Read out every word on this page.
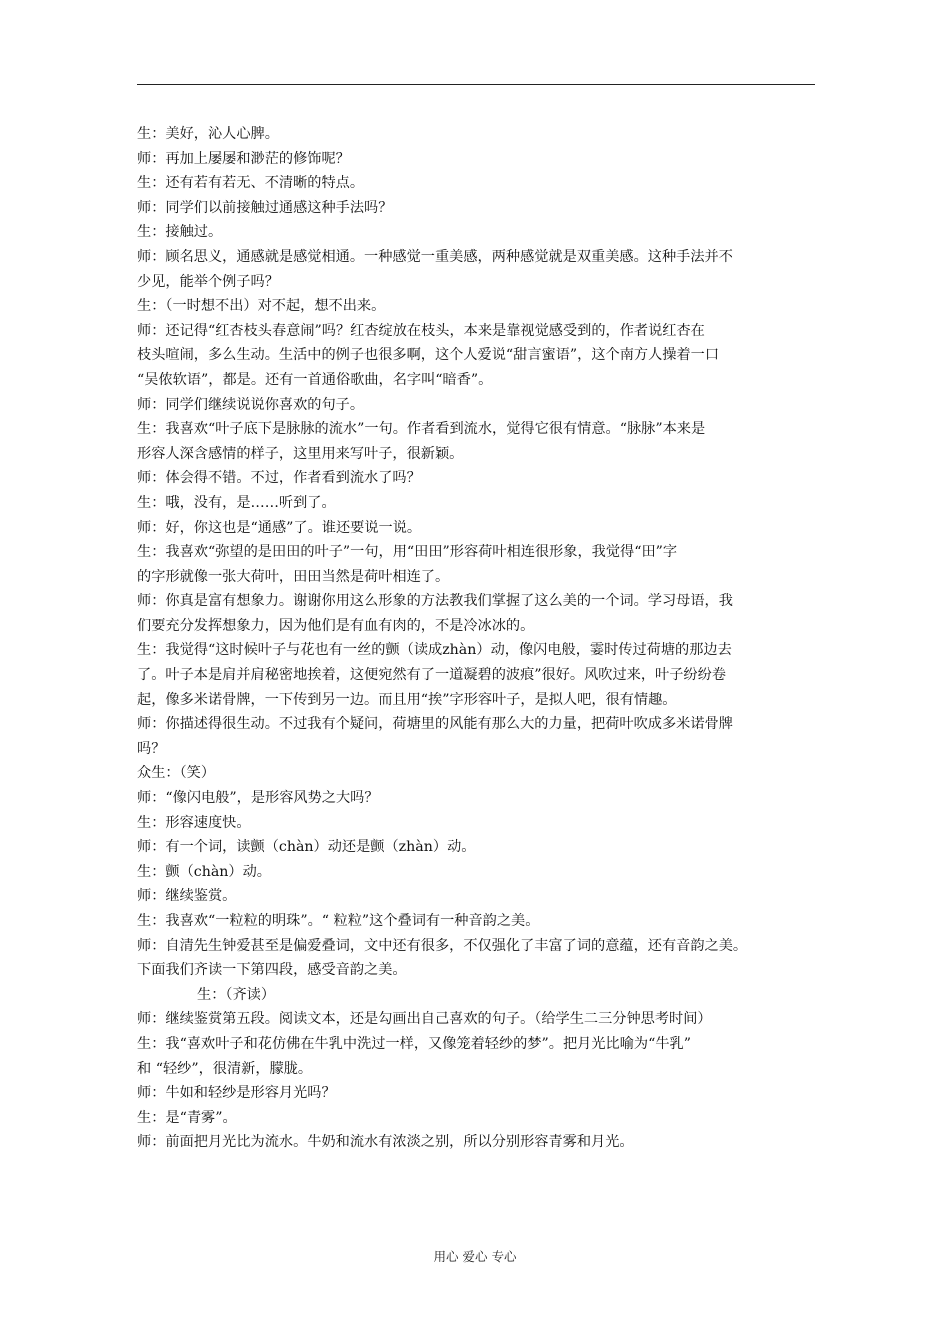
生：美好，沁人心脾。
师：再加上屡屡和渺茫的修饰呢？
生：还有若有若无、不清晰的特点。
师：同学们以前接触过通感这种手法吗？
生：接触过。
师：顾名思义，通感就是感觉相通。一种感觉一重美感，两种感觉就是双重美感。这种手法并不
少见，能举个例子吗？
生：（一时想不出）对不起，想不出来。
师：还记得“红杏枝头春意闹”吗？红杏绽放在枝头，本来是靠视觉感受到的，作者说红杏在
枝头喧闹，多么生动。生活中的例子也很多啊，这个人爱说“甜言蜜语”，这个南方人操着一口
“吴侬软语”，都是。还有一首通俗歌曲，名字叫“暗香”。
师：同学们继续说说你喜欢的句子。
生：我喜欢“叶子底下是脉脉的流水”一句。作者看到流水，觉得它很有情意。“脉脉”本来是
形容人深含感情的样子，这里用来写叶子，很新颖。
师：体会得不错。不过，作者看到流水了吗？
生：哦，没有，是……听到了。
师：好，你这也是“通感”了。谁还要说一说。
生：我喜欢“弥望的是田田的叶子”一句，用“田田”形容荷叶相连很形象，我觉得“田”字
的字形就像一张大荷叶，田田当然是荷叶相连了。
师：你真是富有想象力。谢谢你用这么形象的方法教我们掌握了这么美的一个词。学习母语，我
们要充分发挥想象力，因为他们是有血有肉的，不是冷冰冰的。
生：我觉得“这时候叶子与花也有一丝的颤（读成zhàn）动，像闪电般，霎时传过荷塘的那边去
了。叶子本是肩并肩秘密地挨着，这便宛然有了一道凝碧的波痕”很好。风吹过来，叶子纷纷卷
起，像多米诺骨牌，一下传到另一边。而且用“挨”字形容叶子，是拟人吧，很有情趣。
师：你描述得很生动。不过我有个疑问，荷塘里的风能有那么大的力量，把荷叶吹成多米诺骨牌
吗？
众生：（笑）
师：“像闪电般”，是形容风势之大吗？
生：形容速度快。
师：有一个词，读颤（chàn）动还是颤（zhàn）动。
生：颤（chàn）动。
师：继续鉴赏。
生：我喜欢“一粒粒的明珠”。“ 粒粒”这个叠词有一种音韵之美。
师：自清先生钟爱甚至是偏爱叠词，文中还有很多，不仅强化了丰富了词的意蕴，还有音韵之美。
下面我们齐读一下第四段，感受音韵之美。
生：（齐读）
师：继续鉴赏第五段。阅读文本，还是勾画出自己喜欢的句子。（给学生二三分钟思考时间）
生：我“喜欢叶子和花仿佛在牛乳中洗过一样，又像笼着轻纱的梦”。把月光比喻为“牛乳”
和 “轻纱”，很清新，朦胧。
师：牛如和轻纱是形容月光吗？
生：是“青雾”。
师：前面把月光比为流水。牛奶和流水有浓淡之别，所以分别形容青雾和月光。
用心 爱心 专心
